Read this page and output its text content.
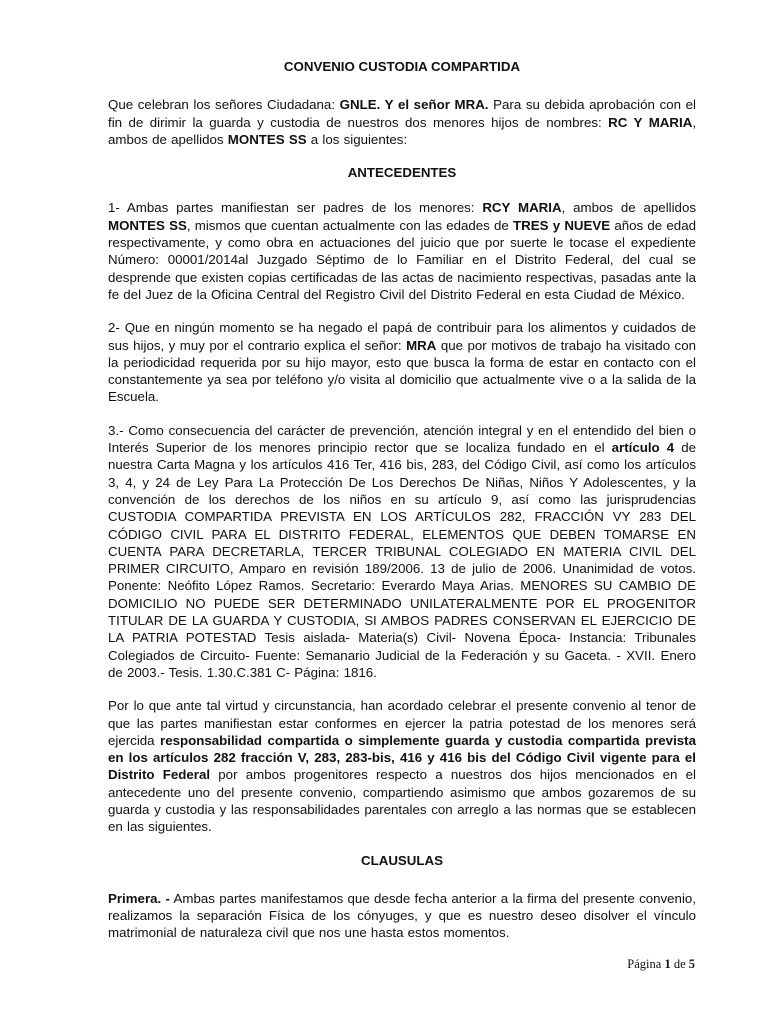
CONVENIO CUSTODIA COMPARTIDA

Que celebran los señores Ciudadana: GNLE. Y el señor MRA. Para su debida aprobación con el fin de dirimir la guarda y custodia de nuestros dos menores hijos de nombres: RC Y MARIA, ambos de apellidos MONTES SS a los siguientes:

ANTECEDENTES

1- Ambas partes manifiestan ser padres de los menores: RCY MARIA, ambos de apellidos MONTES SS, mismos que cuentan actualmente con las edades de TRES y NUEVE años de edad respectivamente, y como obra en actuaciones del juicio que por suerte le tocase el expediente Número: 00001/2014al Juzgado Séptimo de lo Familiar en el Distrito Federal, del cual se desprende que existen copias certificadas de las actas de nacimiento respectivas, pasadas ante la fe del Juez de la Oficina Central del Registro Civil del Distrito Federal en esta Ciudad de México.

2- Que en ningún momento se ha negado el papá de contribuir para los alimentos y cuidados de sus hijos, y muy por el contrario explica el señor: MRA que por motivos de trabajo ha visitado con la periodicidad requerida por su hijo mayor, esto que busca la forma de estar en contacto con el constantemente ya sea por teléfono y/o visita al domicilio que actualmente vive o a la salida de la Escuela.

3.- Como consecuencia del carácter de prevención, atención integral y en el entendido del bien o Interés Superior de los menores principio rector que se localiza fundado en el artículo 4 de nuestra Carta Magna y los artículos 416 Ter, 416 bis, 283, del Código Civil, así como los artículos 3, 4, y 24 de Ley Para La Protección De Los Derechos De Niñas, Niños Y Adolescentes, y la convención de los derechos de los niños en su artículo 9, así como las jurisprudencias CUSTODIA COMPARTIDA PREVISTA EN LOS ARTÍCULOS 282, FRACCIÓN VY 283 DEL CÓDIGO CIVIL PARA EL DISTRITO FEDERAL, ELEMENTOS QUE DEBEN TOMARSE EN CUENTA PARA DECRETARLA, TERCER TRIBUNAL COLEGIADO EN MATERIA CIVIL DEL PRIMER CIRCUITO, Amparo en revisión 189/2006. 13 de julio de 2006. Unanimidad de votos. Ponente: Neófito López Ramos. Secretario: Everardo Maya Arias. MENORES SU CAMBIO DE DOMICILIO NO PUEDE SER DETERMINADO UNILATERALMENTE POR EL PROGENITOR TITULAR DE LA GUARDA Y CUSTODIA, SI AMBOS PADRES CONSERVAN EL EJERCICIO DE LA PATRIA POTESTAD Tesis aislada- Materia(s) Civil- Novena Época- Instancia: Tribunales Colegiados de Circuito- Fuente: Semanario Judicial de la Federación y su Gaceta. - XVII. Enero de 2003.- Tesis. 1.30.C.381 C- Página: 1816.

Por lo que ante tal virtud y circunstancia, han acordado celebrar el presente convenio al tenor de que las partes manifiestan estar conformes en ejercer la patria potestad de los menores será ejercida responsabilidad compartida o simplemente guarda y custodia compartida prevista en los artículos 282 fracción V, 283, 283-bis, 416 y 416 bis del Código Civil vigente para el Distrito Federal por ambos progenitores respecto a nuestros dos hijos mencionados en el antecedente uno del presente convenio, compartiendo asimismo que ambos gozaremos de su guarda y custodia y las responsabilidades parentales con arreglo a las normas que se establecen en las siguientes.

CLAUSULAS

Primera. - Ambas partes manifestamos que desde fecha anterior a la firma del presente convenio, realizamos la separación Física de los cónyuges, y que es nuestro deseo disolver el vínculo matrimonial de naturaleza civil que nos une hasta estos momentos.

Página 1 de 5
